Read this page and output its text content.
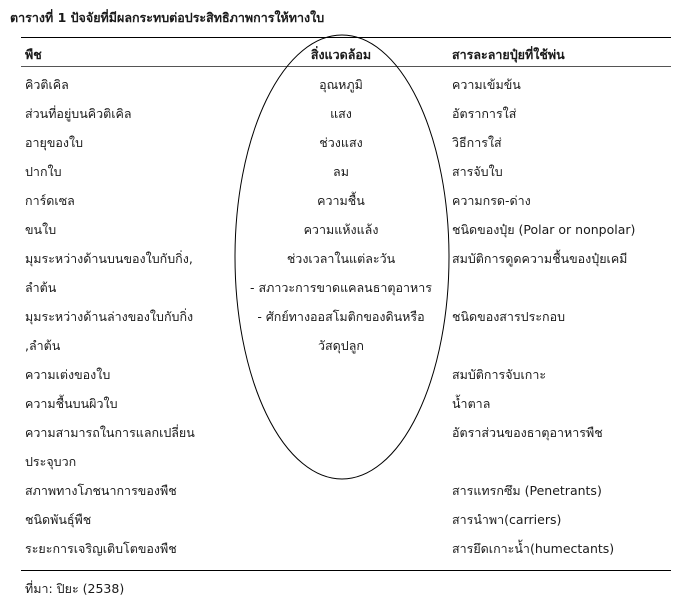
ตารางที่ 1 ปัจจัยที่มีผลกระทบต่อประสิทธิภาพการให้ทางใบ
พืช	สิ่งแวดล้อม	สารละลายปุ๋ยที่ใช้พ่น
คิวติเคิล
ส่วนที่อยู่บนคิวติเคิล
อายุของใบ
ปากใบ
การ์ดเซล
ขนใบ
มุมระหว่างด้านบนของใบกับกิ่ง,
ลำต้น
มุมระหว่างด้านล่างของใบกับกิ่ง
,ลำต้น
ความเต่งของใบ
ความชื้นบนผิวใบ
ความสามารถในการแลกเปลี่ยน
ประจุบวก
สภาพทางโภชนาการของพืช
ชนิดพันธุ์พืช
ระยะการเจริญเติบโตของพืช
อุณหภูมิ
แสง
ช่วงแสง
ลม
ความชื้น
ความแห้งแล้ง
ช่วงเวลาในแต่ละวัน
- สภาวะการขาดแคลนธาตุอาหาร
- ศักย์ทางออสโมติกของดินหรือ
วัสดุปลูก
ความเข้มข้น
อัตราการใส่
วิธีการใส่
สารจับใบ
ความกรด-ด่าง
ชนิดของปุ๋ย (Polar or nonpolar)
สมบัติการดูดความชื้นของปุ๋ยเคมี
ชนิดของสารประกอบ
สมบัติการจับเกาะ
น้ำตาล
อัตราส่วนของธาตุอาหารพืช
สารแทรกซึม (Penetrants)
สารนำพา(carriers)
สารยึดเกาะน้ำ(humectants)
ที่มา: ปิยะ (2538)
